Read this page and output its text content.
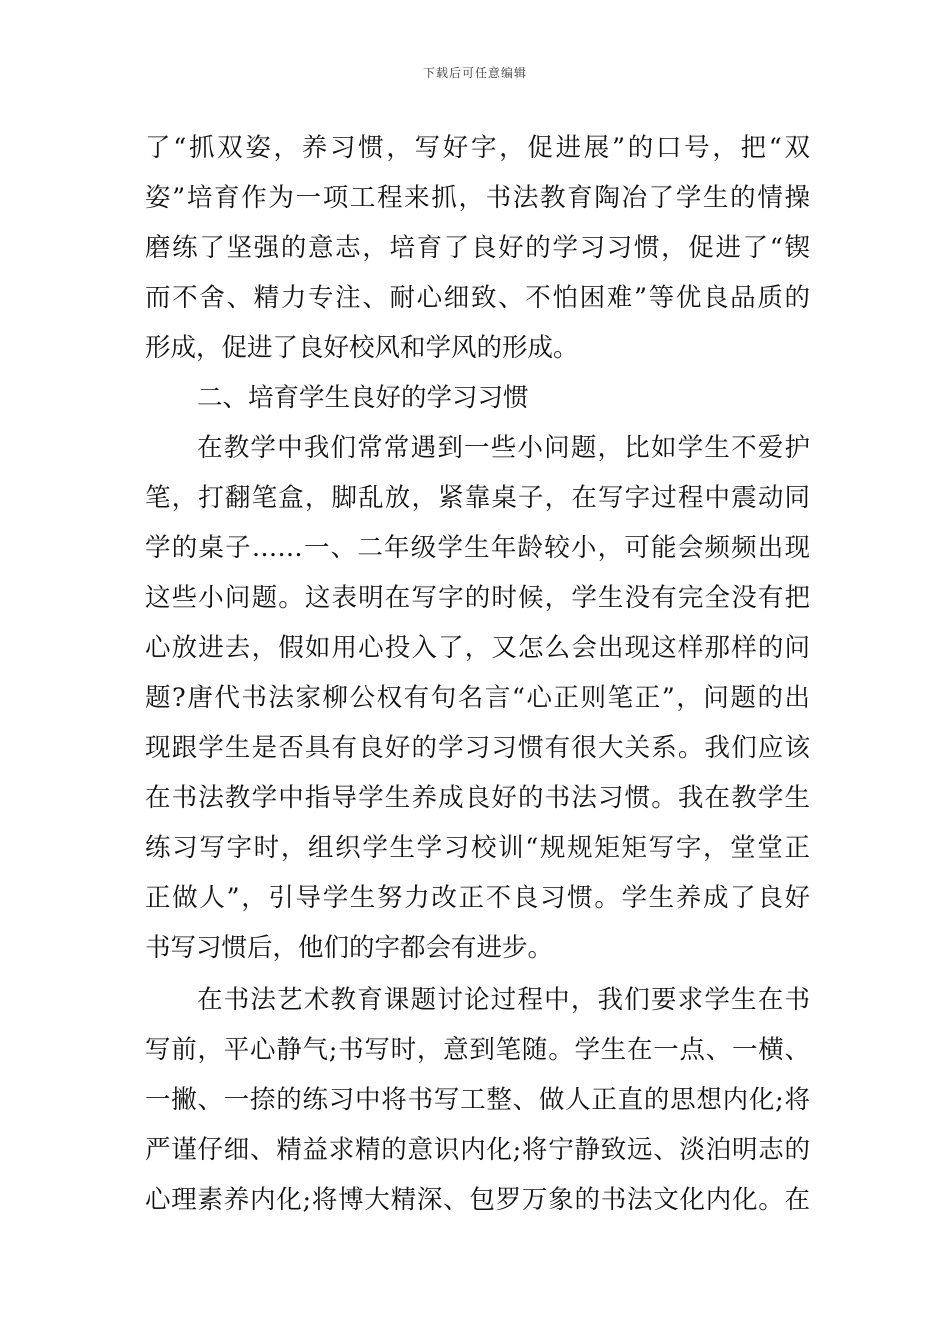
下载后可任意编辑
了“抓双姿，养习惯，写好字，促进展”的口号，把“双
姿”培育作为一项工程来抓，书法教育陶冶了学生的情操
磨练了坚强的意志，培育了良好的学习习惯，促进了“锲
而不舍、精力专注、耐心细致、不怕困难”等优良品质的
形成，促进了良好校风和学风的形成。
二、培育学生良好的学习习惯
在教学中我们常常遇到一些小问题，比如学生不爱护
笔，打翻笔盒，脚乱放，紧靠桌子，在写字过程中震动同
学的桌子……一、二年级学生年龄较小，可能会频频出现
这些小问题。这表明在写字的时候，学生没有完全没有把
心放进去，假如用心投入了，又怎么会出现这样那样的问
题?唐代书法家柳公权有句名言“心正则笔正”，问题的出
现跟学生是否具有良好的学习习惯有很大关系。我们应该
在书法教学中指导学生养成良好的书法习惯。我在教学生
练习写字时，组织学生学习校训“规规矩矩写字，堂堂正
正做人”，引导学生努力改正不良习惯。学生养成了良好
书写习惯后，他们的字都会有进步。
在书法艺术教育课题讨论过程中，我们要求学生在书
写前，平心静气;书写时，意到笔随。学生在一点、一横、
一撇、一捺的练习中将书写工整、做人正直的思想内化;将
严谨仔细、精益求精的意识内化;将宁静致远、淡泊明志的
心理素养内化;将博大精深、包罗万象的书法文化内化。在
